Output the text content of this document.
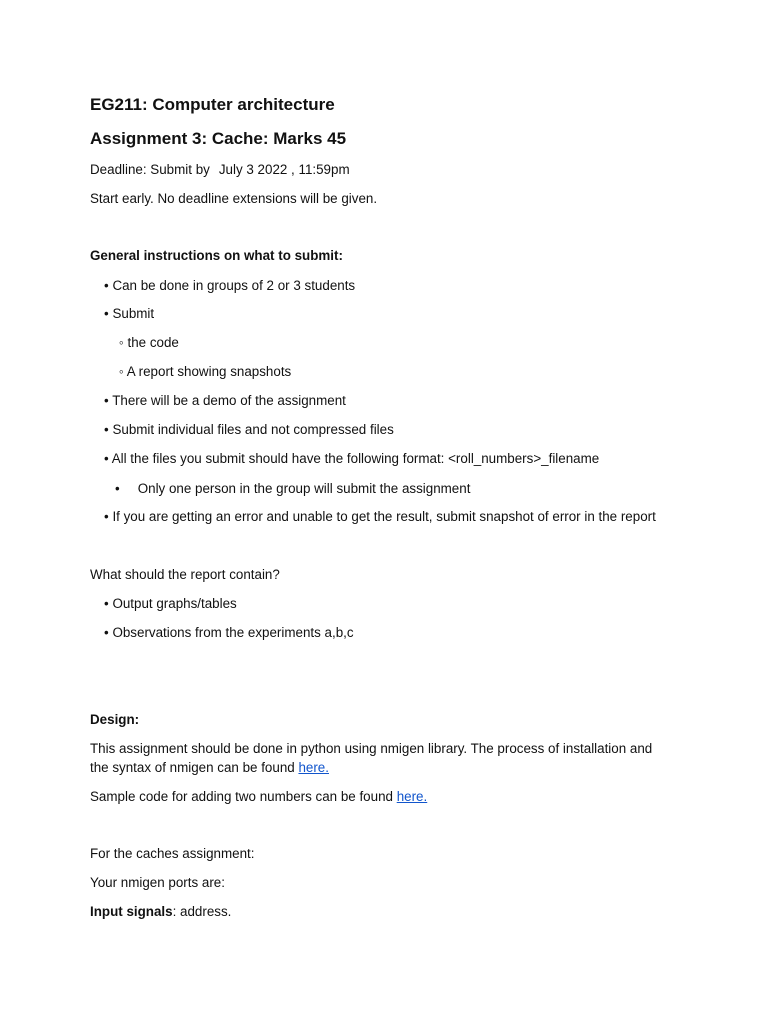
EG211: Computer architecture
Assignment 3: Cache: Marks 45
Deadline: Submit by July 3 2022 , 11:59pm
Start early. No deadline extensions will be given.
General instructions on what to submit:
• Can be done in groups of 2 or 3 students
• Submit
◦ the code
◦ A report showing snapshots
• There will be a demo of the assignment
• Submit individual files and not compressed files
• All the files you submit should have the following format: <roll_numbers>_filename
• Only one person in the group will submit the assignment
• If you are getting an error and unable to get the result, submit snapshot of error in the report
What should the report contain?
• Output graphs/tables
• Observations from the experiments a,b,c
Design:
This assignment should be done in python using nmigen library. The process of installation and
the syntax of nmigen can be found here.
Sample code for adding two numbers can be found here.
For the caches assignment:
Your nmigen ports are:
Input signals: address.
